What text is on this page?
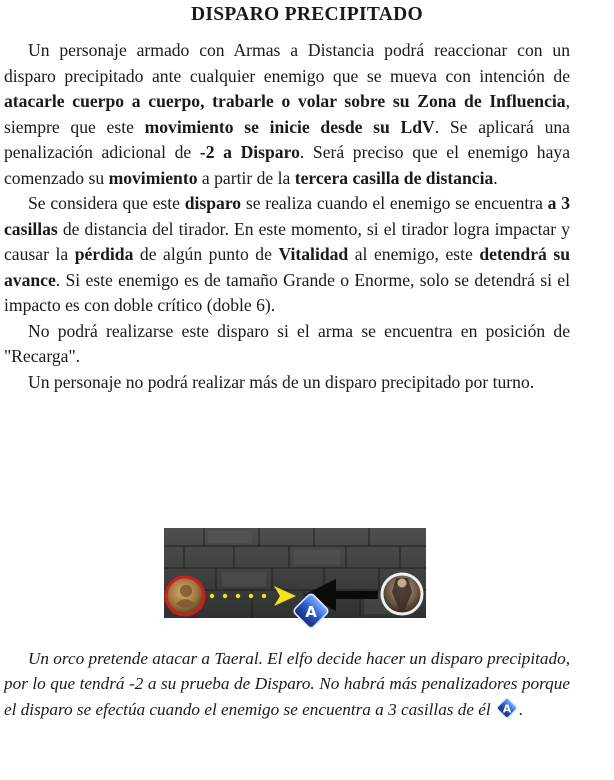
DISPARO PRECIPITADO

Un personaje armado con Armas a Distancia podrá reaccionar con un disparo precipitado ante cualquier enemigo que se mueva con intención de atacarle cuerpo a cuerpo, trabarle o volar sobre su Zona de Influencia, siempre que este movimiento se inicie desde su LdV. Se aplicará una penalización adicional de -2 a Disparo. Será preciso que el enemigo haya comenzado su movimiento a partir de la tercera casilla de distancia.

Se considera que este disparo se realiza cuando el enemigo se encuentra a 3 casillas de distancia del tirador. En este momento, si el tirador logra impactar y causar la pérdida de algún punto de Vitalidad al enemigo, este detendrá su avance. Si este enemigo es de tamaño Grande o Enorme, solo se detendrá si el impacto es con doble crítico (doble 6).

No podrá realizarse este disparo si el arma se encuentra en posición de "Recarga".

Un personaje no podrá realizar más de un disparo precipitado por turno.

A

Un orco pretende atacar a Taeral. El elfo decide hacer un disparo precipitado, por lo que tendrá -2 a su prueba de Disparo. No habrá más penalizadores porque el disparo se efectúa cuando el enemigo se encuentra a 3 casillas de él A .
